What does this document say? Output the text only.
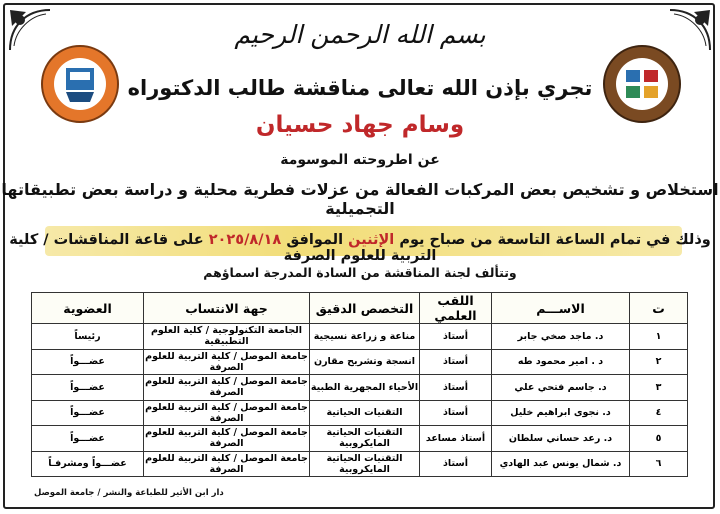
بسم الله الرحمن الرحيم
تجري بإذن الله تعالى مناقشة طالب الدكتوراه
وسام جهاد حسيان
عن اطروحته الموسومة
استخلاص و تشخيص بعض المركبات الفعالة من عزلات فطرية محلية و دراسة بعض تطبيقاتها التجميلية
وذلك في تمام الساعة التاسعة من صباح يوم الإثنين الموافق ٢٠٢٥/٨/١٨ على قاعة المناقشات / كلية التربية للعلوم الصرفة
وتتألف لجنة المناقشة من السادة المدرجة اسماؤهم
ت	الاســـم	اللقب العلمي	التخصص الدقيق	جهة الانتساب	العضوية
١	د. ماجد صخي جابر	أستاذ	مناعة و زراعة نسيجية	الجامعة التكنولوجية / كلية العلوم التطبيقية	رئيساً
٢	د . امير محمود طه	أستاذ	انسجة وتشريح مقارن	جامعة الموصل / كلية التربية للعلوم الصرفة	عضـــواً
٣	د. جاسم فتحي علي	أستاذ	الأحياء المجهرية الطبية	جامعة الموصل / كلية التربية للعلوم الصرفة	عضـــواً
٤	د. نجوى ابراهيم خليل	أستاذ	التقنيات الحياتية	جامعة الموصل / كلية التربية للعلوم الصرفة	عضـــواً
٥	د. رعد حساني سلطان	أستاذ مساعد	التقنيات الحياتية المايكروبية	جامعة الموصل / كلية التربية للعلوم الصرفة	عضـــواً
٦	د. شمال يونس عبد الهادي	أستاذ	التقنيات الحياتية المايكروبية	جامعة الموصل / كلية التربية للعلوم الصرفة	عضـــواً ومشرفـاً
دار ابن الأثير للطباعة والنشر / جامعة الموصل
